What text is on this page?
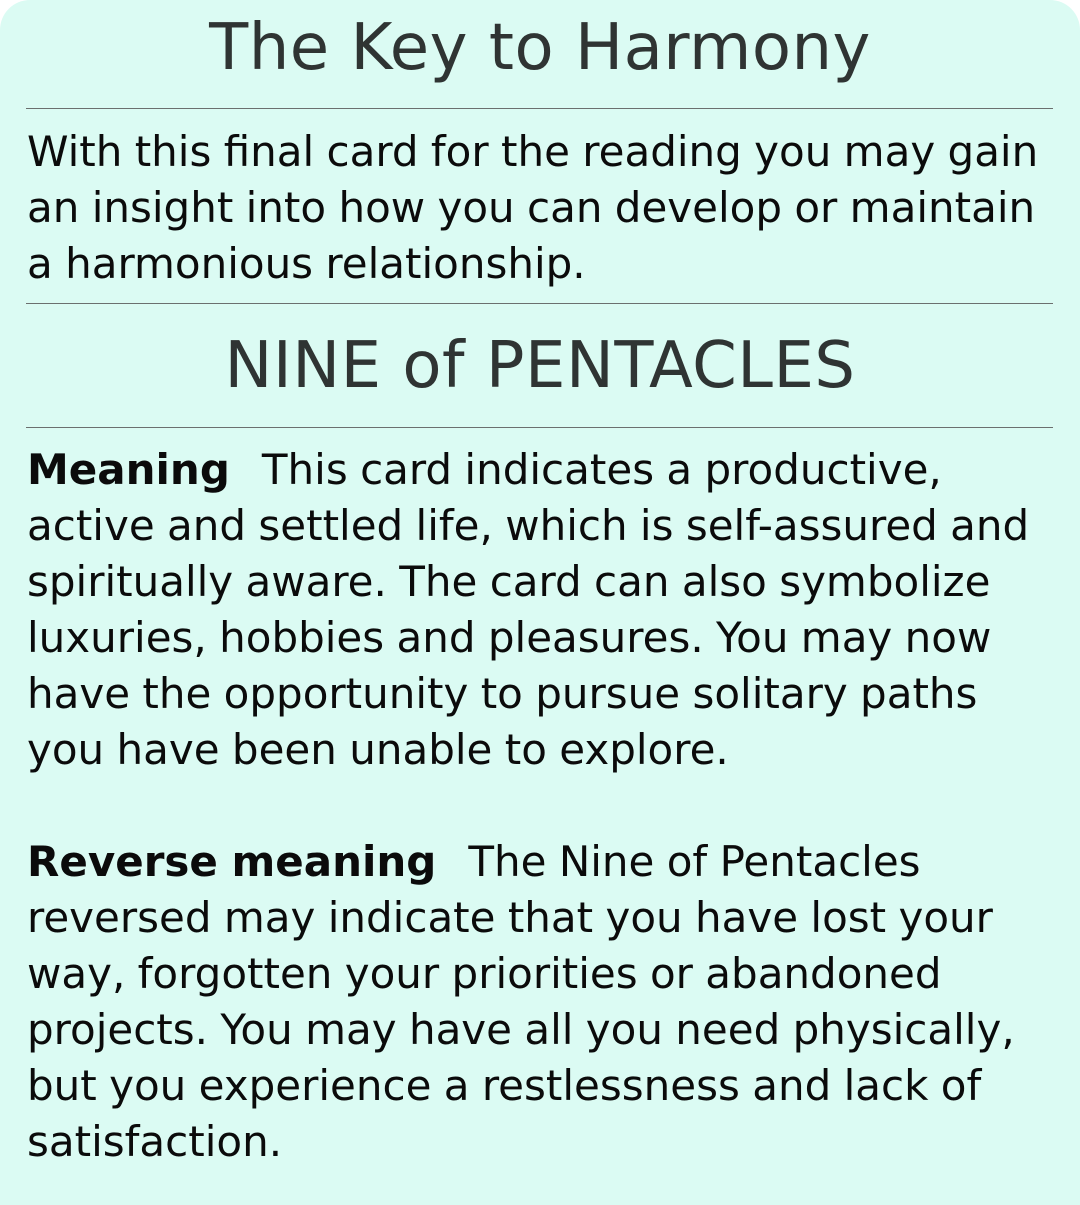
The Key to Harmony
With this final card for the reading you may gain an insight into how you can develop or maintain a harmonious relationship.
NINE of PENTACLES
Meaning This card indicates a productive, active and settled life, which is self-assured and spiritually aware. The card can also symbolize luxuries, hobbies and pleasures. You may now have the opportunity to pursue solitary paths you have been unable to explore.
Reverse meaning The Nine of Pentacles reversed may indicate that you have lost your way, forgotten your priorities or abandoned projects. You may have all you need physically, but you experience a restlessness and lack of satisfaction.
